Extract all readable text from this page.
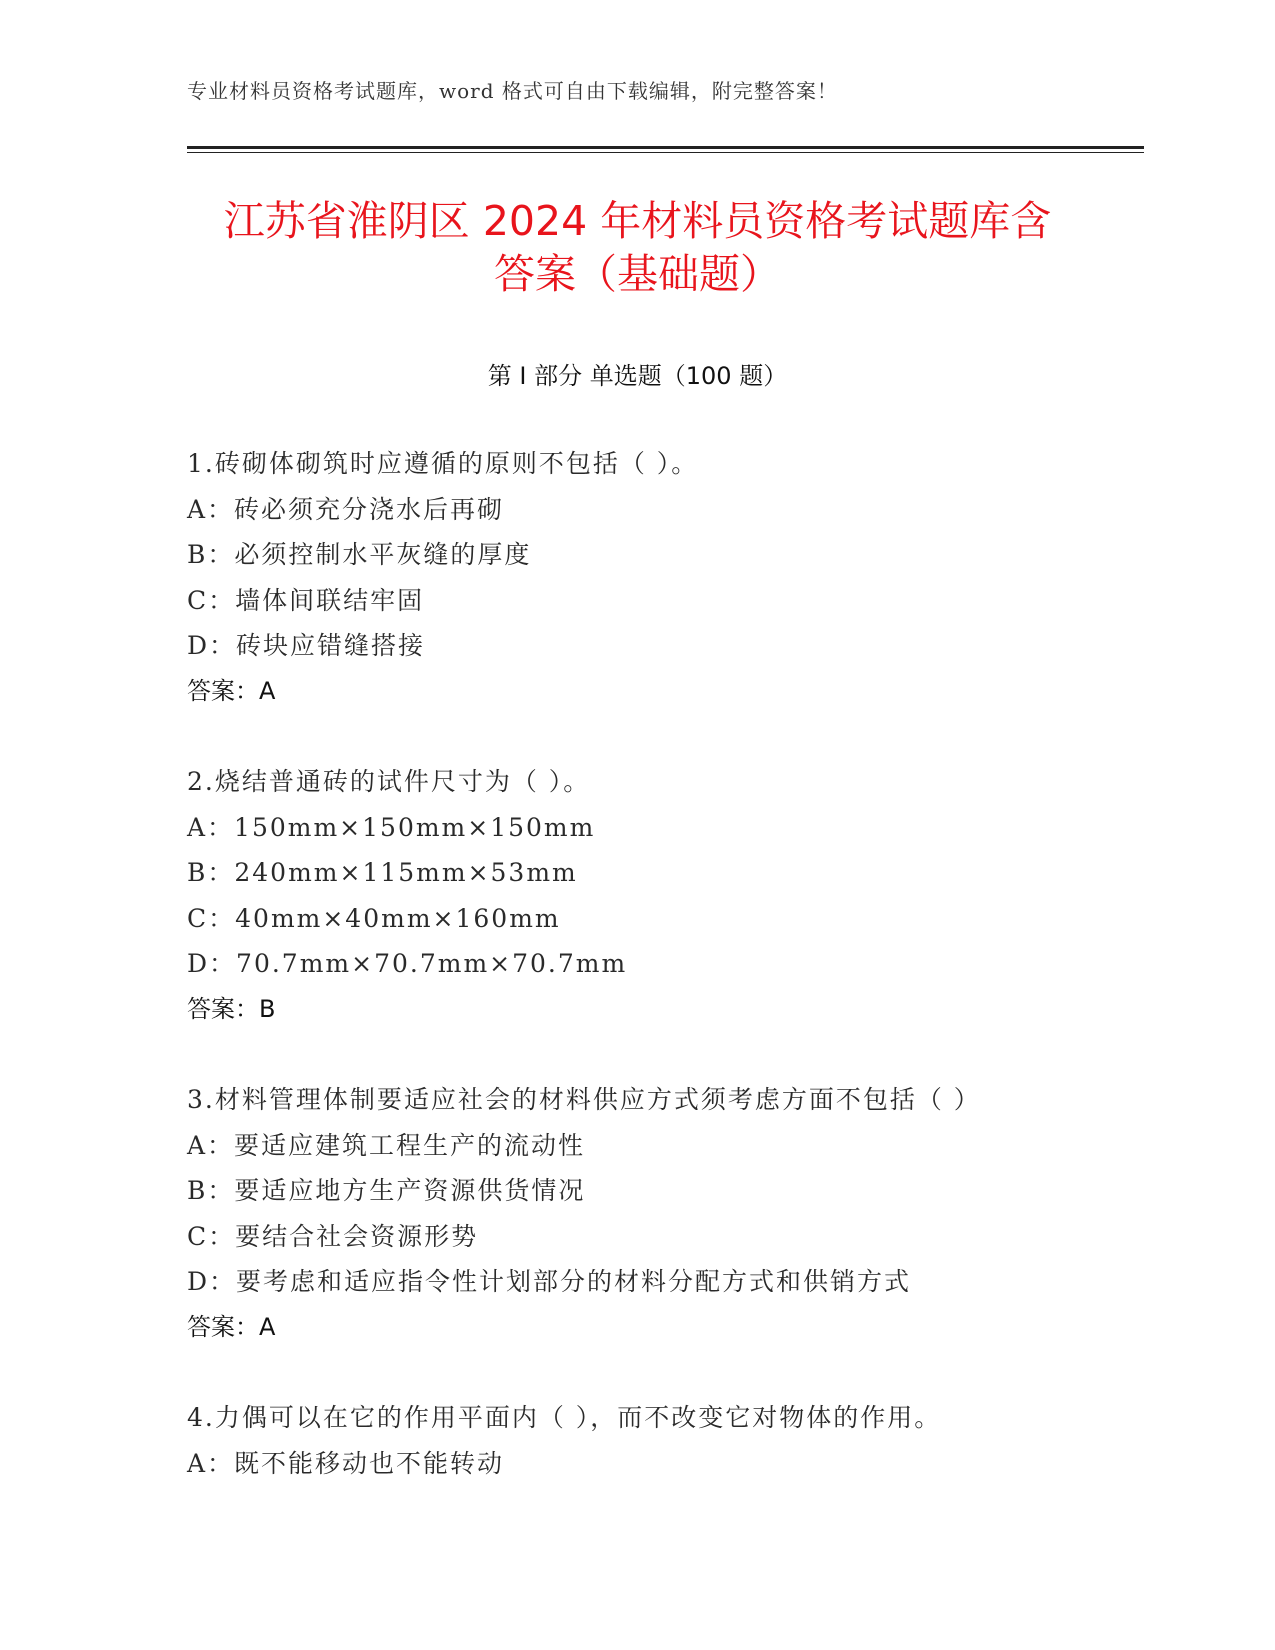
专业材料员资格考试题库，word 格式可自由下载编辑，附完整答案！
江苏省淮阴区 2024 年材料员资格考试题库含
答案（基础题）
第 I 部分 单选题（100 题）
1.砖砌体砌筑时应遵循的原则不包括（ ）。
A：砖必须充分浇水后再砌
B：必须控制水平灰缝的厚度
C：墙体间联结牢固
D：砖块应错缝搭接
答案：A
2.烧结普通砖的试件尺寸为（ ）。
A：150mm×150mm×150mm
B：240mm×115mm×53mm
C：40mm×40mm×160mm
D：70.7mm×70.7mm×70.7mm
答案：B
3.材料管理体制要适应社会的材料供应方式须考虑方面不包括（ ）
A：要适应建筑工程生产的流动性
B：要适应地方生产资源供货情况
C：要结合社会资源形势
D：要考虑和适应指令性计划部分的材料分配方式和供销方式
答案：A
4.力偶可以在它的作用平面内（ ），而不改变它对物体的作用。
A：既不能移动也不能转动
